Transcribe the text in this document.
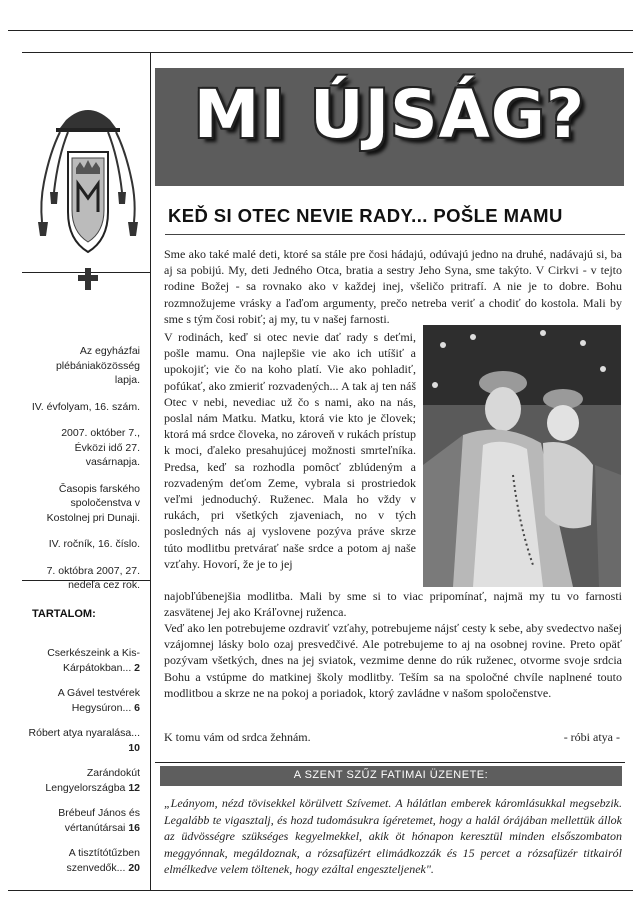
Az egyházfai plébániaközösség lapja.

IV. évfolyam, 16. szám.

2007. október 7., Évközi idő 27. vasárnapja.

Časopis farského spoločenstva v Kostolnej pri Dunaji.

IV. ročník, 16. číslo.

7. októbra 2007, 27. nedeľa cez rok.

TARTALOM:
Cserkészeink a Kis-Kárpátokban... 2
A Gável testvérek Hegysúron... 6
Róbert atya nyaralása... 10
Zarándokút Lengyelországba 12
Brébeuf János és vértanútársai 16
A tisztítótűzben szenvedők... 20
MI ÚJSÁG?
KEĎ SI OTEC NEVIE RADY... POŠLE MAMU

Sme ako také malé deti, ktoré sa stále pre čosi hádajú, odúvajú jedno na druhé, nadávajú si, ba aj sa pobijú. My, deti Jedného Otca, bratia a sestry Jeho Syna, sme takýto. V Cirkvi - v tejto rodine Božej - sa rovnako ako v každej inej, všeličo pritrafí. A nie je to dobre. Bohu rozmnožujeme vrásky a ľaďom argumenty, prečo netreba veriť a chodiť do kostola. Mali by sme s tým čosi robiť; aj my, tu v našej farnosti.

V rodinách, keď si otec nevie dať rady s deťmi, pošle mamu. Ona najlepšie vie ako ich utíšiť a upokojiť; vie čo na koho platí. Vie ako pohladiť, pofúkať, ako zmieriť rozvadených... A tak aj ten náš Otec v nebi, nevediac už čo s nami, ako na nás, poslal nám Matku. Matku, ktorá vie kto je človek; ktorá má srdce človeka, no zároveň v rukách prístup k moci, ďaleko presahujúcej možnosti smrteľníka. Predsa, keď sa rozhodla pomôcť zblúdeným a rozvadeným deťom Zeme, vybrala si prostriedok veľmi jednoduchý. Ruženec. Mala ho vždy v rukách, pri všetkých zjaveniach, no v tých posledných nás aj vyslovene pozýva práve skrze túto modlitbu pretvárať naše srdce a potom aj naše vzťahy. Hovorí, že je to jej

najobľúbenejšia modlitba. Mali by sme si to viac pripomínať, najmä my tu vo farnosti zasvätenej Jej ako Kráľovnej ruženca.

Veď ako len potrebujeme ozdraviť vzťahy, potrebujeme nájsť cesty k sebe, aby svedectvo našej vzájomnej lásky bolo ozaj presvedčivé. Ale potrebujeme to aj na osobnej rovine. Preto opäť pozývam všetkých, dnes na jej sviatok, vezmime denne do rúk ruženec, otvorme svoje srdcia Bohu a vstúpme do matkinej školy modlitby. Teším sa na spoločné chvíle naplnené touto modlitbou a skrze ne na pokoj a poriadok, ktorý zavládne v našom spoločenstve.

K tomu vám od srdca žehnám.	- róbi atya -
A SZENT SZŰZ FATIMAI ÜZENETE:

„Leányom, nézd tövisekkel körülvett Szívemet. A hálátlan emberek káromlásukkal megsebzik. Legalább te vigasztalj, és hozd tudomásukra ígéretemet, hogy a halál órájában mellettük állok az üdvösségre szükséges kegyelmekkel, akik öt hónapon keresztül minden elsőszombaton meggyónnak, megáldoznak, a rózsafüzért elimádkozzák és 15 percet a rózsafüzér titkairól elmélkedve velem töltenek, hogy ezáltal engeszteljenek".
